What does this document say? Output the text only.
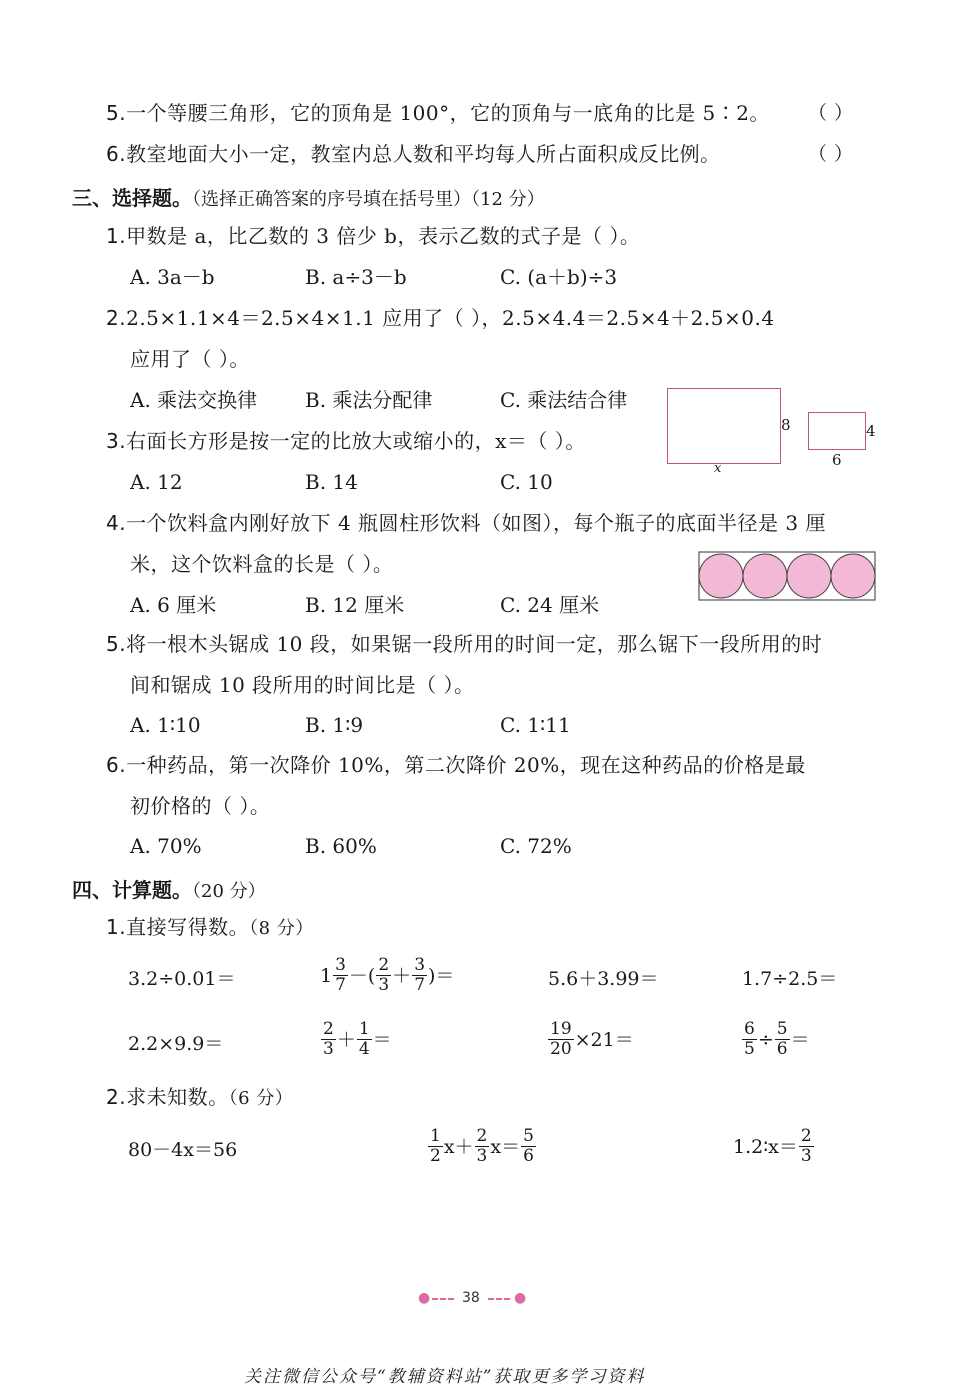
5.一个等腰三角形，它的顶角是 100°，它的顶角与一底角的比是 5∶2。 （ ）
6.教室地面大小一定，教室内总人数和平均每人所占面积成反比例。	（ ）
三、选择题。（选择正确答案的序号填在括号里）（12 分）
1.甲数是 a，比乙数的 3 倍少 b，表示乙数的式子是（ ）。
A. 3a－b	B. a÷3－b	C. (a＋b)÷3
2.2.5×1.1×4＝2.5×4×1.1 应用了（ ），2.5×4.4＝2.5×4＋2.5×0.4
应用了（ ）。
A. 乘法交换律 B. 乘法分配律	C. 乘法结合律
3.右面长方形是按一定的比放大或缩小的，x＝（ ）。
A. 12	B. 14	C. 10
8
x
4
6
4.一个饮料盒内刚好放下 4 瓶圆柱形饮料（如图），每个瓶子的底面半径是 3 厘
米，这个饮料盒的长是（ ）。
A. 6 厘米	B. 12 厘米	C. 24 厘米
5.将一根木头锯成 10 段，如果锯一段所用的时间一定，那么锯下一段所用的时
间和锯成 10 段所用的时间比是（ ）。
A. 1∶10	B. 1∶9	C. 1∶11
6.一种药品，第一次降价 10%，第二次降价 20%，现在这种药品的价格是最
初价格的（ ）。
A. 70%	B. 60%	C. 72%
四、计算题。（20 分）
1.直接写得数。（8 分）
3.2÷0.01＝	$1 \frac{3}{7}$ －( $\frac{2}{3} + \frac{3}{7}$ )＝	5.6＋3.99＝	1.7÷2.5＝
2.2×9.9＝	$\frac{2}{3} + \frac{1}{4}$ ＝	$\frac{19}{20} \times 21=$	$\frac{6}{5} \div \frac{5}{6}$ ＝
2.求未知数。（6 分）
80－4x＝56	$\frac{1}{2} x+ \frac{2}{3} x= \frac{5}{6}$	1.2∶x＝ $\frac{2}{3}$
● 38 ●
关注微信公众号“教辅资料站”获取更多学习资料
